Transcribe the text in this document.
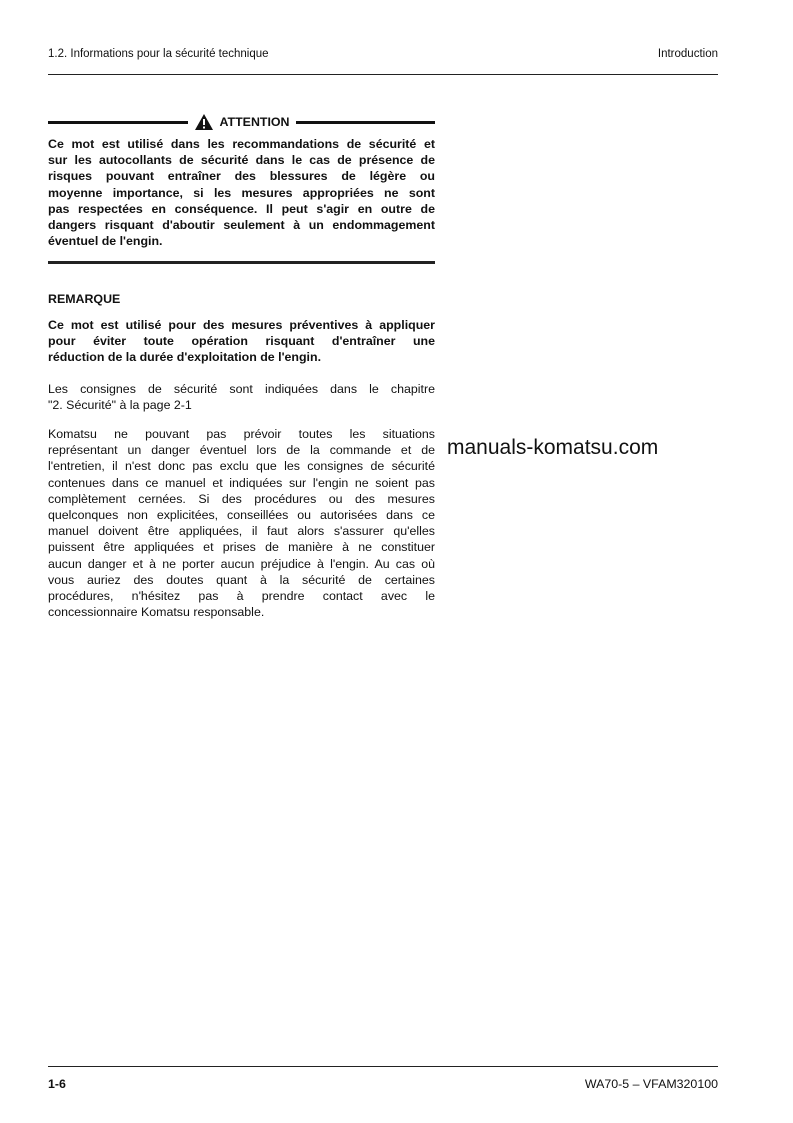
1.2. Informations pour la sécurité technique	Introduction
ATTENTION
Ce mot est utilisé dans les recommandations de sécurité et
sur les autocollants de sécurité dans le cas de présence de
risques pouvant entraîner des blessures de légère ou
moyenne importance, si les mesures appropriées ne sont
pas respectées en conséquence. Il peut s'agir en outre de
dangers risquant d'aboutir seulement à un endommagement
éventuel de l'engin.
REMARQUE
Ce mot est utilisé pour des mesures préventives à appliquer
pour éviter toute opération risquant d'entraîner une
réduction de la durée d'exploitation de l'engin.
Les consignes de sécurité sont indiquées dans le chapitre
"2. Sécurité" à la page 2-1
Komatsu ne pouvant pas prévoir toutes les situations
représentant un danger éventuel lors de la commande et de
l'entretien, il n'est donc pas exclu que les consignes de sécurité
contenues dans ce manuel et indiquées sur l'engin ne soient pas
complètement cernées. Si des procédures ou des mesures
quelconques non explicitées, conseillées ou autorisées dans ce
manuel doivent être appliquées, il faut alors s'assurer qu'elles
puissent être appliquées et prises de manière à ne constituer
aucun danger et à ne porter aucun préjudice à l'engin. Au cas où
vous auriez des doutes quant à la sécurité de certaines
procédures, n'hésitez pas à prendre contact avec le
concessionnaire Komatsu responsable.
manuals-komatsu.com
1-6	WA70-5 – VFAM320100
